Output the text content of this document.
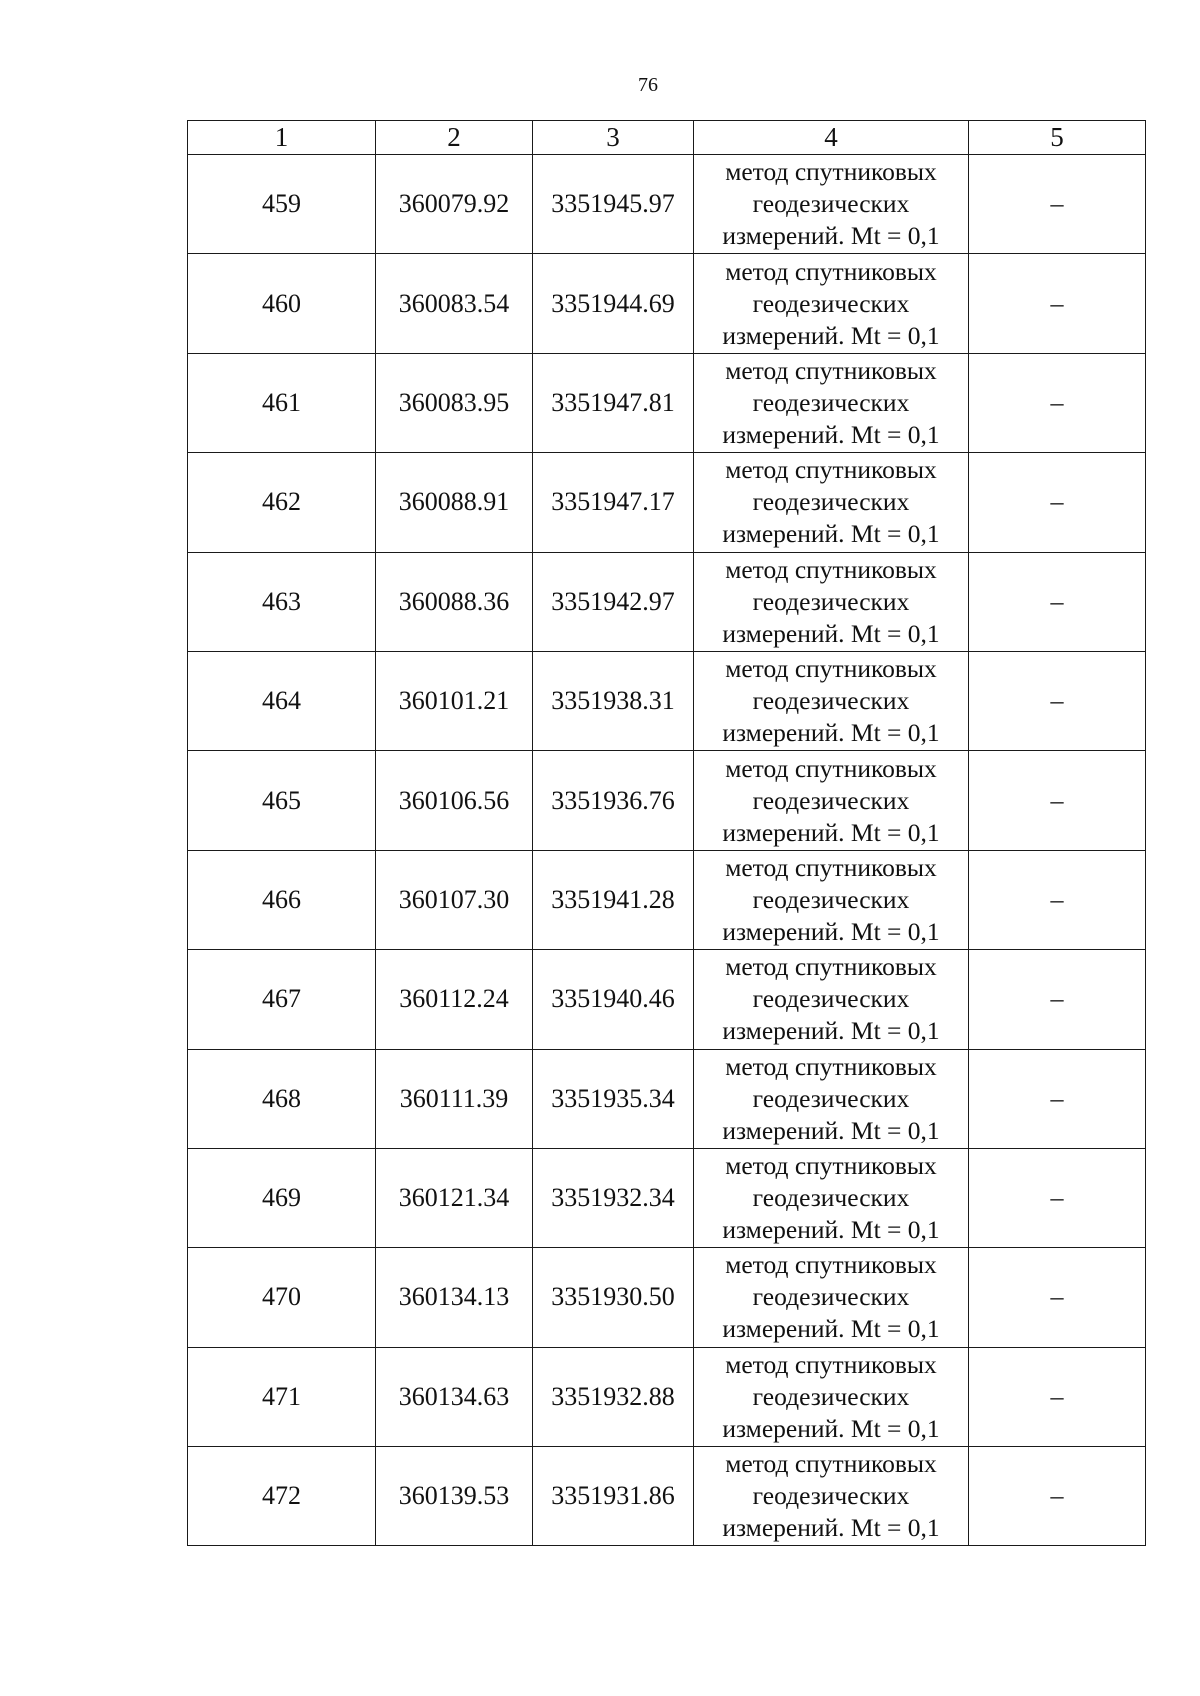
76
1	2	3	4	5
459	360079.92	3351945.97	метод спутниковых
геодезических
измерений. Mt = 0,1	–
460	360083.54	3351944.69	метод спутниковых
геодезических
измерений. Mt = 0,1	–
461	360083.95	3351947.81	метод спутниковых
геодезических
измерений. Mt = 0,1	–
462	360088.91	3351947.17	метод спутниковых
геодезических
измерений. Mt = 0,1	–
463	360088.36	3351942.97	метод спутниковых
геодезических
измерений. Mt = 0,1	–
464	360101.21	3351938.31	метод спутниковых
геодезических
измерений. Mt = 0,1	–
465	360106.56	3351936.76	метод спутниковых
геодезических
измерений. Mt = 0,1	–
466	360107.30	3351941.28	метод спутниковых
геодезических
измерений. Mt = 0,1	–
467	360112.24	3351940.46	метод спутниковых
геодезических
измерений. Mt = 0,1	–
468	360111.39	3351935.34	метод спутниковых
геодезических
измерений. Mt = 0,1	–
469	360121.34	3351932.34	метод спутниковых
геодезических
измерений. Mt = 0,1	–
470	360134.13	3351930.50	метод спутниковых
геодезических
измерений. Mt = 0,1	–
471	360134.63	3351932.88	метод спутниковых
геодезических
измерений. Mt = 0,1	–
472	360139.53	3351931.86	метод спутниковых
геодезических
измерений. Mt = 0,1	–
